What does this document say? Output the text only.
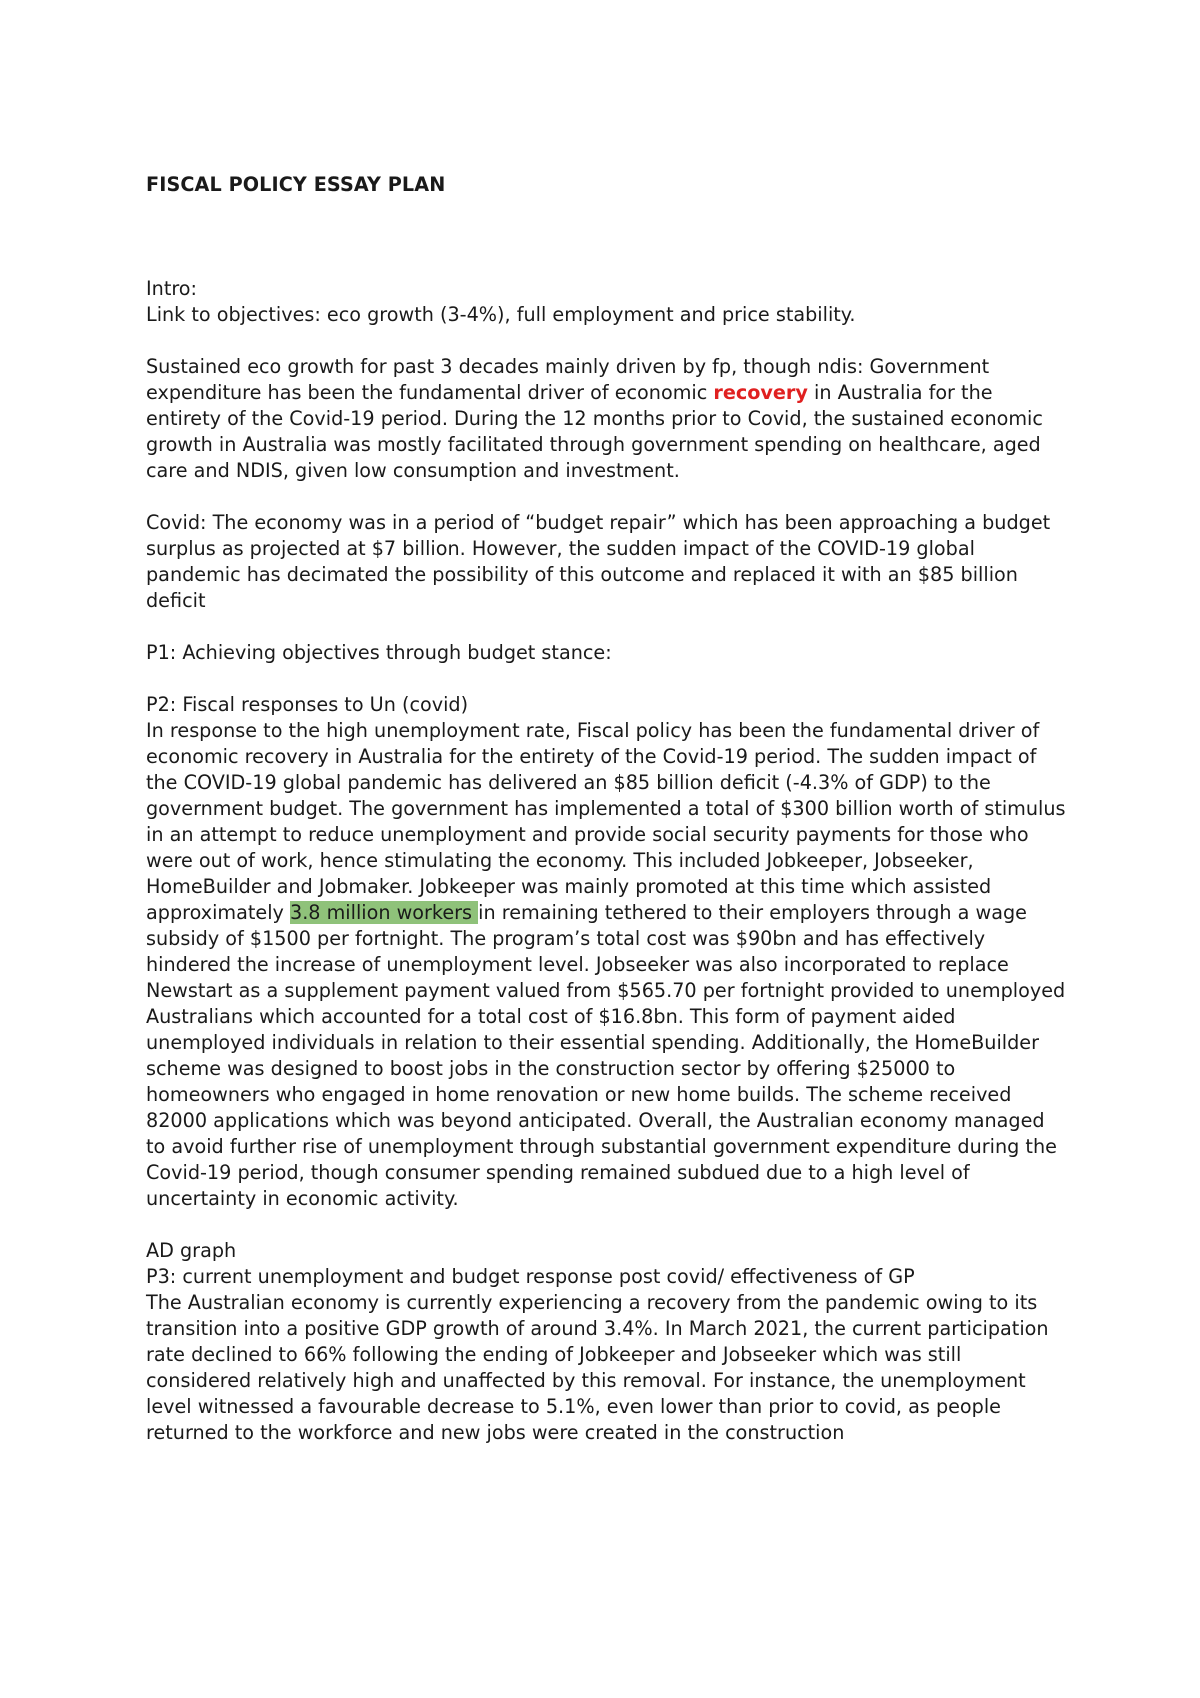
FISCAL POLICY ESSAY PLAN

Intro:

Link to objectives: eco growth (3-4%), full employment and price stability.

Sustained eco growth for past 3 decades mainly driven by fp, though ndis: Government expenditure has been the fundamental driver of economic recovery in Australia for the entirety of the Covid-19 period. During the 12 months prior to Covid, the sustained economic growth in Australia was mostly facilitated through government spending on healthcare, aged care and NDIS, given low consumption and investment.

Covid: The economy was in a period of “budget repair” which has been approaching a budget surplus as projected at $7 billion. However, the sudden impact of the COVID-19 global pandemic has decimated the possibility of this outcome and replaced it with an $85 billion deficit

P1: Achieving objectives through budget stance:

P2: Fiscal responses to Un (covid)

In response to the high unemployment rate, Fiscal policy has been the fundamental driver of economic recovery in Australia for the entirety of the Covid-19 period. The sudden impact of the COVID-19 global pandemic has delivered an $85 billion deficit (-4.3% of GDP) to the government budget. The government has implemented a total of $300 billion worth of stimulus in an attempt to reduce unemployment and provide social security payments for those who were out of work, hence stimulating the economy. This included Jobkeeper, Jobseeker, HomeBuilder and Jobmaker. Jobkeeper was mainly promoted at this time which assisted approximately 3.8 million workers in remaining tethered to their employers through a wage subsidy of $1500 per fortnight. The program’s total cost was $90bn and has effectively hindered the increase of unemployment level. Jobseeker was also incorporated to replace Newstart as a supplement payment valued from $565.70 per fortnight provided to unemployed Australians which accounted for a total cost of $16.8bn. This form of payment aided unemployed individuals in relation to their essential spending. Additionally, the HomeBuilder scheme was designed to boost jobs in the construction sector by offering $25000 to homeowners who engaged in home renovation or new home builds. The scheme received 82000 applications which was beyond anticipated. Overall, the Australian economy managed to avoid further rise of unemployment through substantial government expenditure during the Covid-19 period, though consumer spending remained subdued due to a high level of uncertainty in economic activity.

AD graph

P3: current unemployment and budget response post covid/ effectiveness of GP

The Australian economy is currently experiencing a recovery from the pandemic owing to its transition into a positive GDP growth of around 3.4%. In March 2021, the current participation rate declined to 66% following the ending of Jobkeeper and Jobseeker which was still considered relatively high and unaffected by this removal. For instance, the unemployment level witnessed a favourable decrease to 5.1%, even lower than prior to covid, as people returned to the workforce and new jobs were created in the construction
